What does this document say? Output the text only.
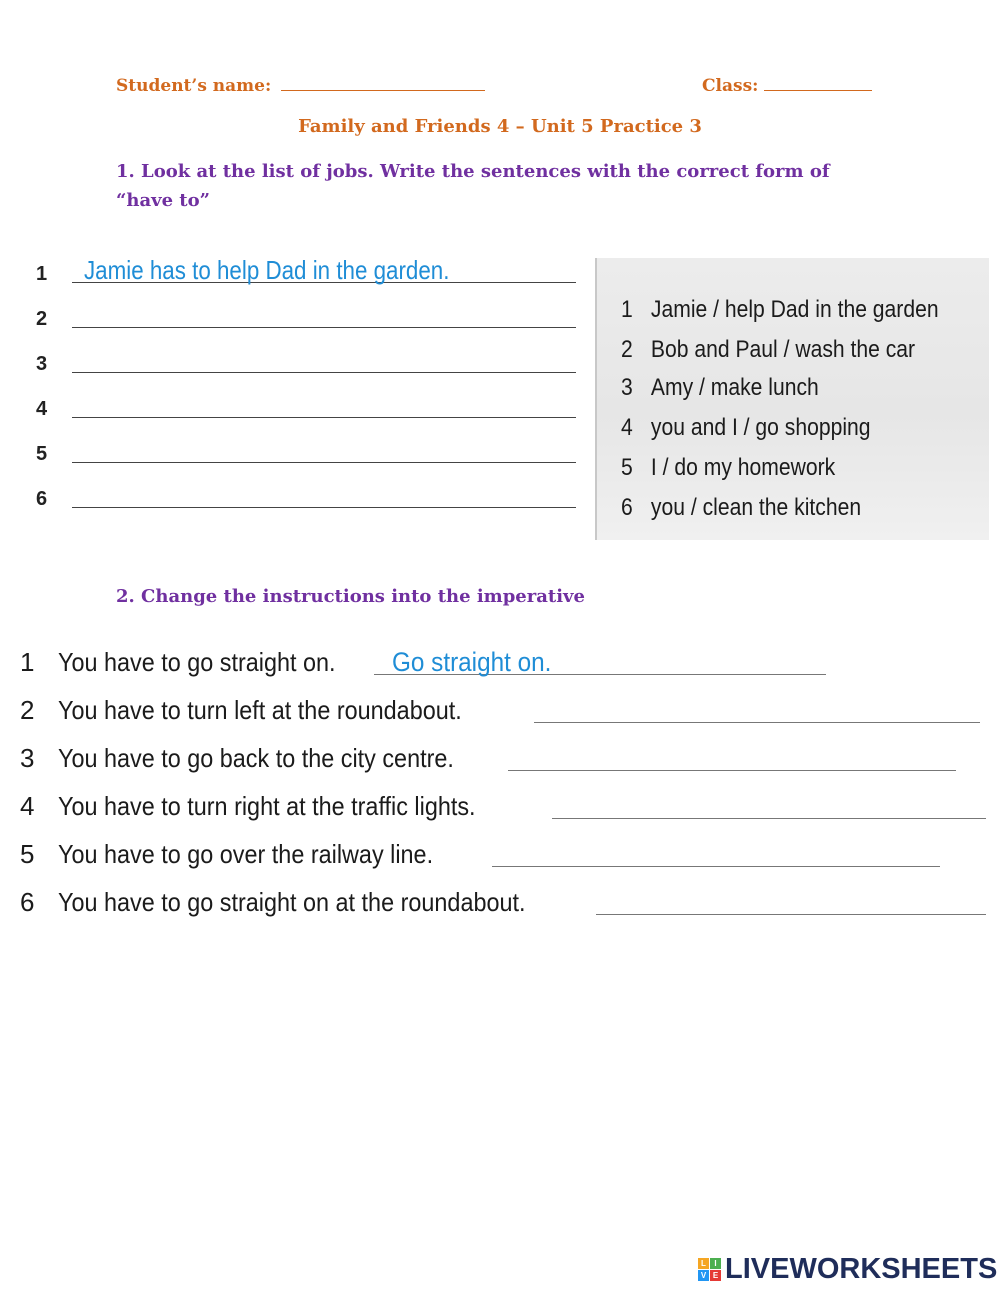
Student’s name:	Class:
Family and Friends 4 – Unit 5 Practice 3
1. Look at the list of jobs. Write the sentences with the correct form of “have to”
1 Jamie has to help Dad in the garden.
2
3
4
5
6
1 Jamie / help Dad in the garden
2 Bob and Paul / wash the car
3 Amy / make lunch
4 you and I / go shopping
5 I / do my homework
6 you / clean the kitchen
2. Change the instructions into the imperative
1 You have to go straight on. Go straight on.
2 You have to turn left at the roundabout.
3 You have to go back to the city centre.
4 You have to turn right at the traffic lights.
5 You have to go over the railway line.
6 You have to go straight on at the roundabout.
L	I
V E LIVEWORKSHEETS
